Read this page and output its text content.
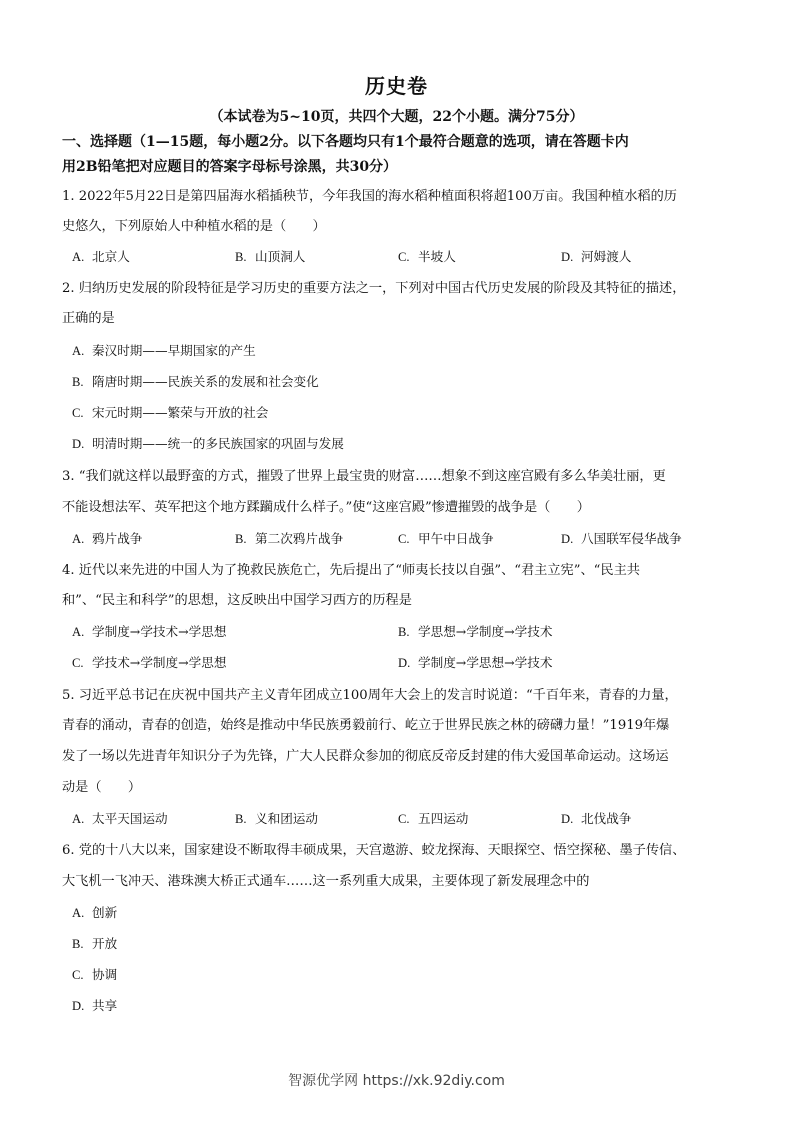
历史卷
（本试卷为5~10页，共四个大题，22个小题。满分75分）
一、选择题（1—15题，每小题2分。以下各题均只有1个最符合题意的选项，请在答题卡内
用2B铅笔把对应题目的答案字母标号涂黑，共30分）
1. 2022年5月22日是第四届海水稻插秧节，今年我国的海水稻种植面积将超100万亩。我国种植水稻的历
史悠久，下列原始人中种植水稻的是（　　）
A. 北京人	B. 山顶洞人	C. 半坡人	D. 河姆渡人
2. 归纳历史发展的阶段特征是学习历史的重要方法之一，下列对中国古代历史发展的阶段及其特征的描述，
正确的是
A. 秦汉时期——早期国家的产生
B. 隋唐时期——民族关系的发展和社会变化
C. 宋元时期——繁荣与开放的社会
D. 明清时期——统一的多民族国家的巩固与发展
3. “我们就这样以最野蛮的方式，摧毁了世界上最宝贵的财富……想象不到这座宫殿有多么华美壮丽，更
不能设想法军、英军把这个地方蹂躏成什么样子。”使“这座宫殿”惨遭摧毁的战争是（　　）
A. 鸦片战争	B. 第二次鸦片战争	C. 甲午中日战争	D. 八国联军侵华战争
4. 近代以来先进的中国人为了挽救民族危亡，先后提出了“师夷长技以自强”、“君主立宪”、“民主共
和”、“民主和科学”的思想，这反映出中国学习西方的历程是
A. 学制度→学技术→学思想	B. 学思想→学制度→学技术
C. 学技术→学制度→学思想	D. 学制度→学思想→学技术
5. 习近平总书记在庆祝中国共产主义青年团成立100周年大会上的发言时说道：“千百年来，青春的力量，
青春的涌动，青春的创造，始终是推动中华民族勇毅前行、屹立于世界民族之林的磅礴力量！”1919年爆
发了一场以先进青年知识分子为先锋，广大人民群众参加的彻底反帝反封建的伟大爱国革命运动。这场运
动是（　　）
A. 太平天国运动	B. 义和团运动	C. 五四运动	D. 北伐战争
6. 党的十八大以来，国家建设不断取得丰硕成果，天宫遨游、蛟龙探海、天眼探空、悟空探秘、墨子传信、
大飞机一飞冲天、港珠澳大桥正式通车……这一系列重大成果，主要体现了新发展理念中的
A. 创新
B. 开放
C. 协调
D. 共享
智源优学网 https://xk.92diy.com
